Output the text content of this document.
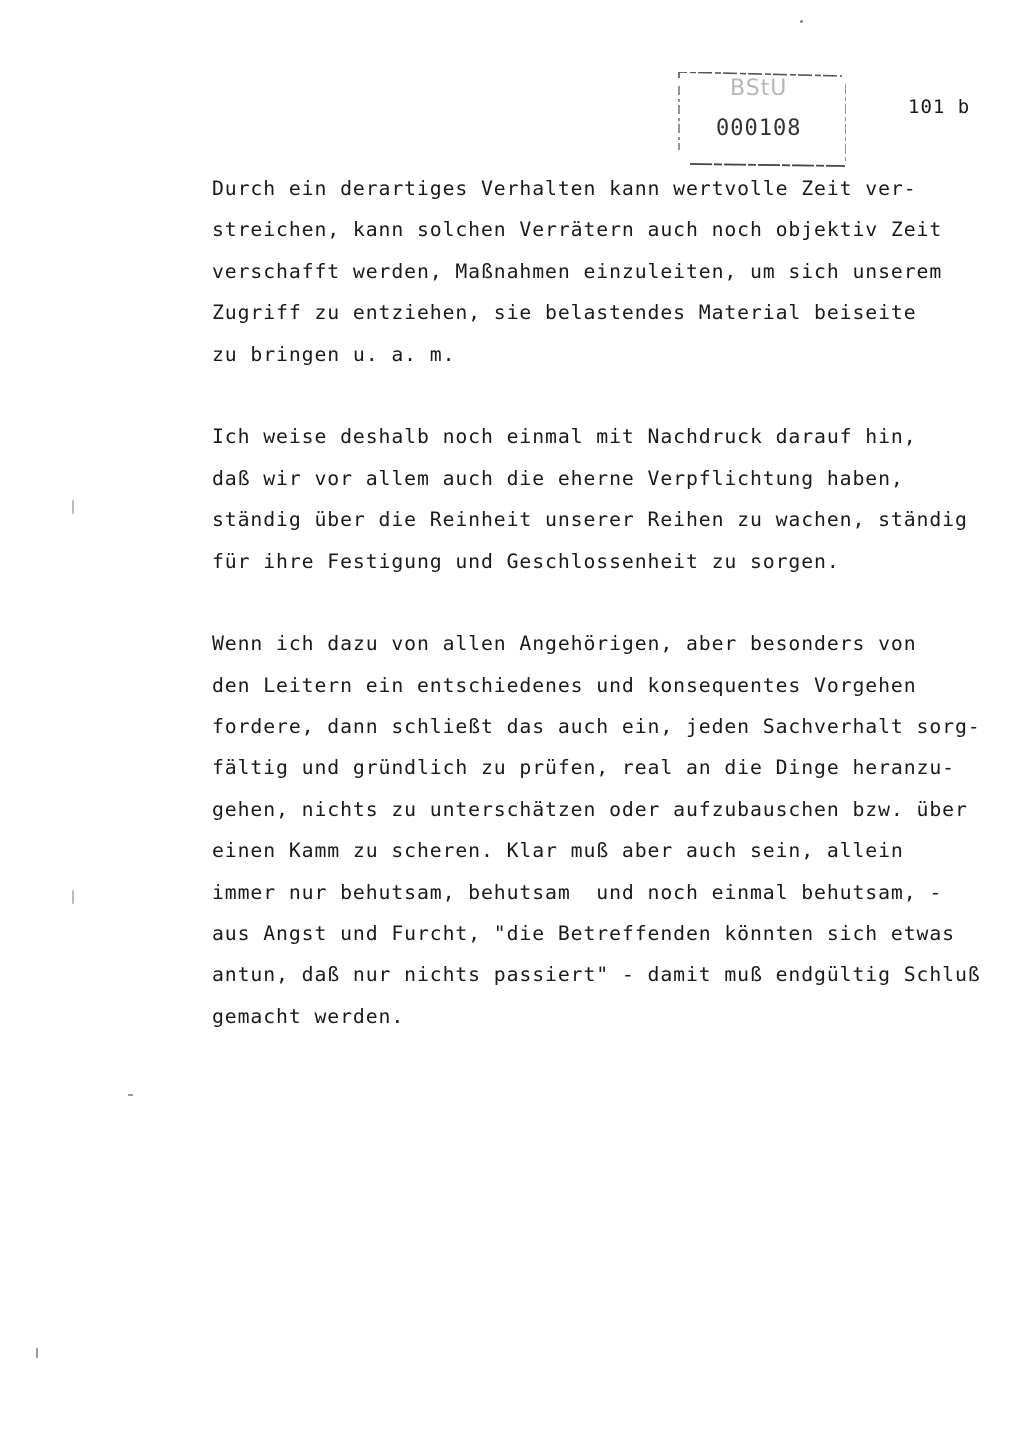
BStU
000108
101 b
Durch ein derartiges Verhalten kann wertvolle Zeit ver-
streichen, kann solchen Verrätern auch noch objektiv Zeit
verschafft werden, Maßnahmen einzuleiten, um sich unserem
Zugriff zu entziehen, sie belastendes Material beiseite
zu bringen u. a. m.
Ich weise deshalb noch einmal mit Nachdruck darauf hin,
daß wir vor allem auch die eherne Verpflichtung haben,
ständig über die Reinheit unserer Reihen zu wachen, ständig
für ihre Festigung und Geschlossenheit zu sorgen.
Wenn ich dazu von allen Angehörigen, aber besonders von
den Leitern ein entschiedenes und konsequentes Vorgehen
fordere, dann schließt das auch ein, jeden Sachverhalt sorg-
fältig und gründlich zu prüfen, real an die Dinge heranzu-
gehen, nichts zu unterschätzen oder aufzubauschen bzw. über
einen Kamm zu scheren. Klar muß aber auch sein, allein
immer nur behutsam, behutsam  und noch einmal behutsam, -
aus Angst und Furcht, "die Betreffenden könnten sich etwas
antun, daß nur nichts passiert" - damit muß endgültig Schluß
gemacht werden.
